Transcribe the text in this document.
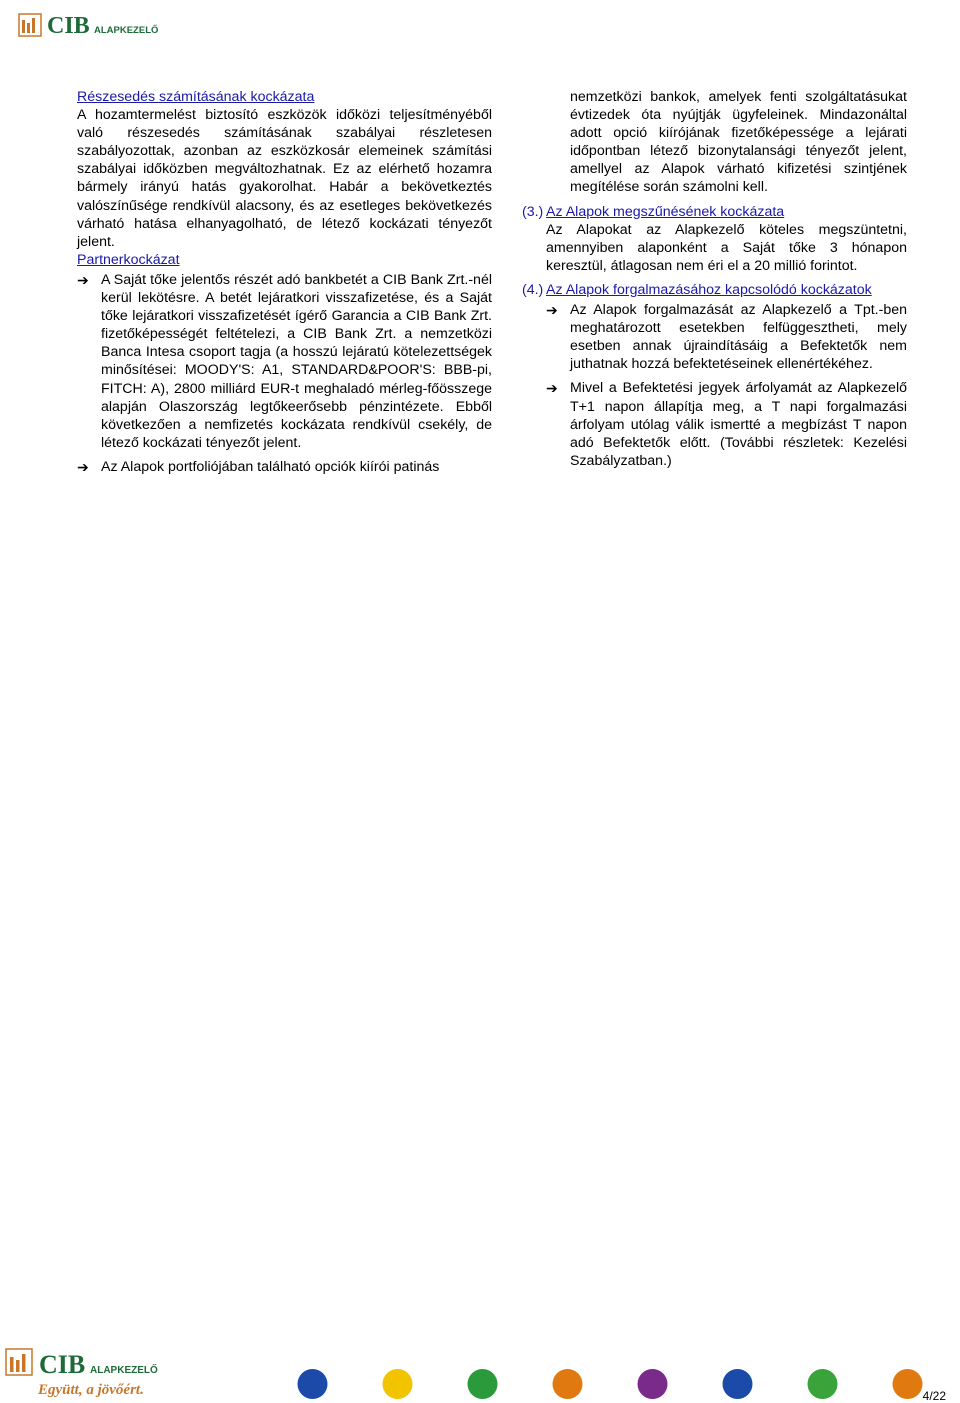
CIB ALAPKEZELŐ

Részesedés számításának kockázata

A hozamtermelést biztosító eszközök időközi teljesítményéből való részesedés számításának szabályai részletesen szabályozottak, azonban az eszközkosár elemeinek számítási szabályai időközben megváltozhatnak. Ez az elérhető hozamra bármely irányú hatás gyakorolhat. Habár a bekövetkeztés valószínűsége rendkívül alacsony, és az esetleges bekövetkezés várható hatása elhanyagolható, de létező kockázati tényezőt jelent.

Partnerkockázat

➔ A Saját tőke jelentős részét adó bankbetét a CIB Bank Zrt.-nél kerül lekötésre. A betét lejáratkori visszafizetése, és a Saját tőke lejáratkori visszafizetését ígérő Garancia a CIB Bank Zrt. fizetőképességét feltételezi, a CIB Bank Zrt. a nemzetközi Banca Intesa csoport tagja (a hosszú lejáratú kötelezettségek minősítései: MOODY'S: A1, STANDARD&POOR'S: BBB-pi, FITCH: A), 2800 milliárd EUR-t meghaladó mérleg-főösszege alapján Olaszország legtőkeerősebb pénzintézete. Ebből következően a nemfizetés kockázata rendkívül csekély, de létező kockázati tényezőt jelent.
➔ Az Alapok portfoliójában található opciók kiírói patinás

nemzetközi bankok, amelyek fenti szolgáltatásukat évtizedek óta nyújtják ügyfeleinek. Mindazonáltal adott opció kiírójának fizetőképessége a lejárati időpontban létező bizonytalansági tényezőt jelent, amellyel az Alapok várható kifizetési szintjének megítélése során számolni kell.

(3.) Az Alapok megszűnésének kockázata

Az Alapokat az Alapkezelő köteles megszüntetni, amennyiben alaponként a Saját tőke 3 hónapon keresztül, átlagosan nem éri el a 20 millió forintot.

(4.) Az Alapok forgalmazásához kapcsolódó kockázatok
➔ Az Alapok forgalmazását az Alapkezelő a Tpt.-ben meghatározott esetekben felfüggesztheti, mely esetben annak újraindításáig a Befektetők nem juthatnak hozzá befektetéseinek ellenértékéhez.
➔ Mivel a Befektetési jegyek árfolyamát az Alapkezelő T+1 napon állapítja meg, a T napi forgalmazási árfolyam utólag válik ismertté a megbízást T napon adó Befektetők előtt. (További részletek: Kezelési Szabályzatban.)
CIB ALAPKEZELŐ
Együtt, a jövőért.	4/22
